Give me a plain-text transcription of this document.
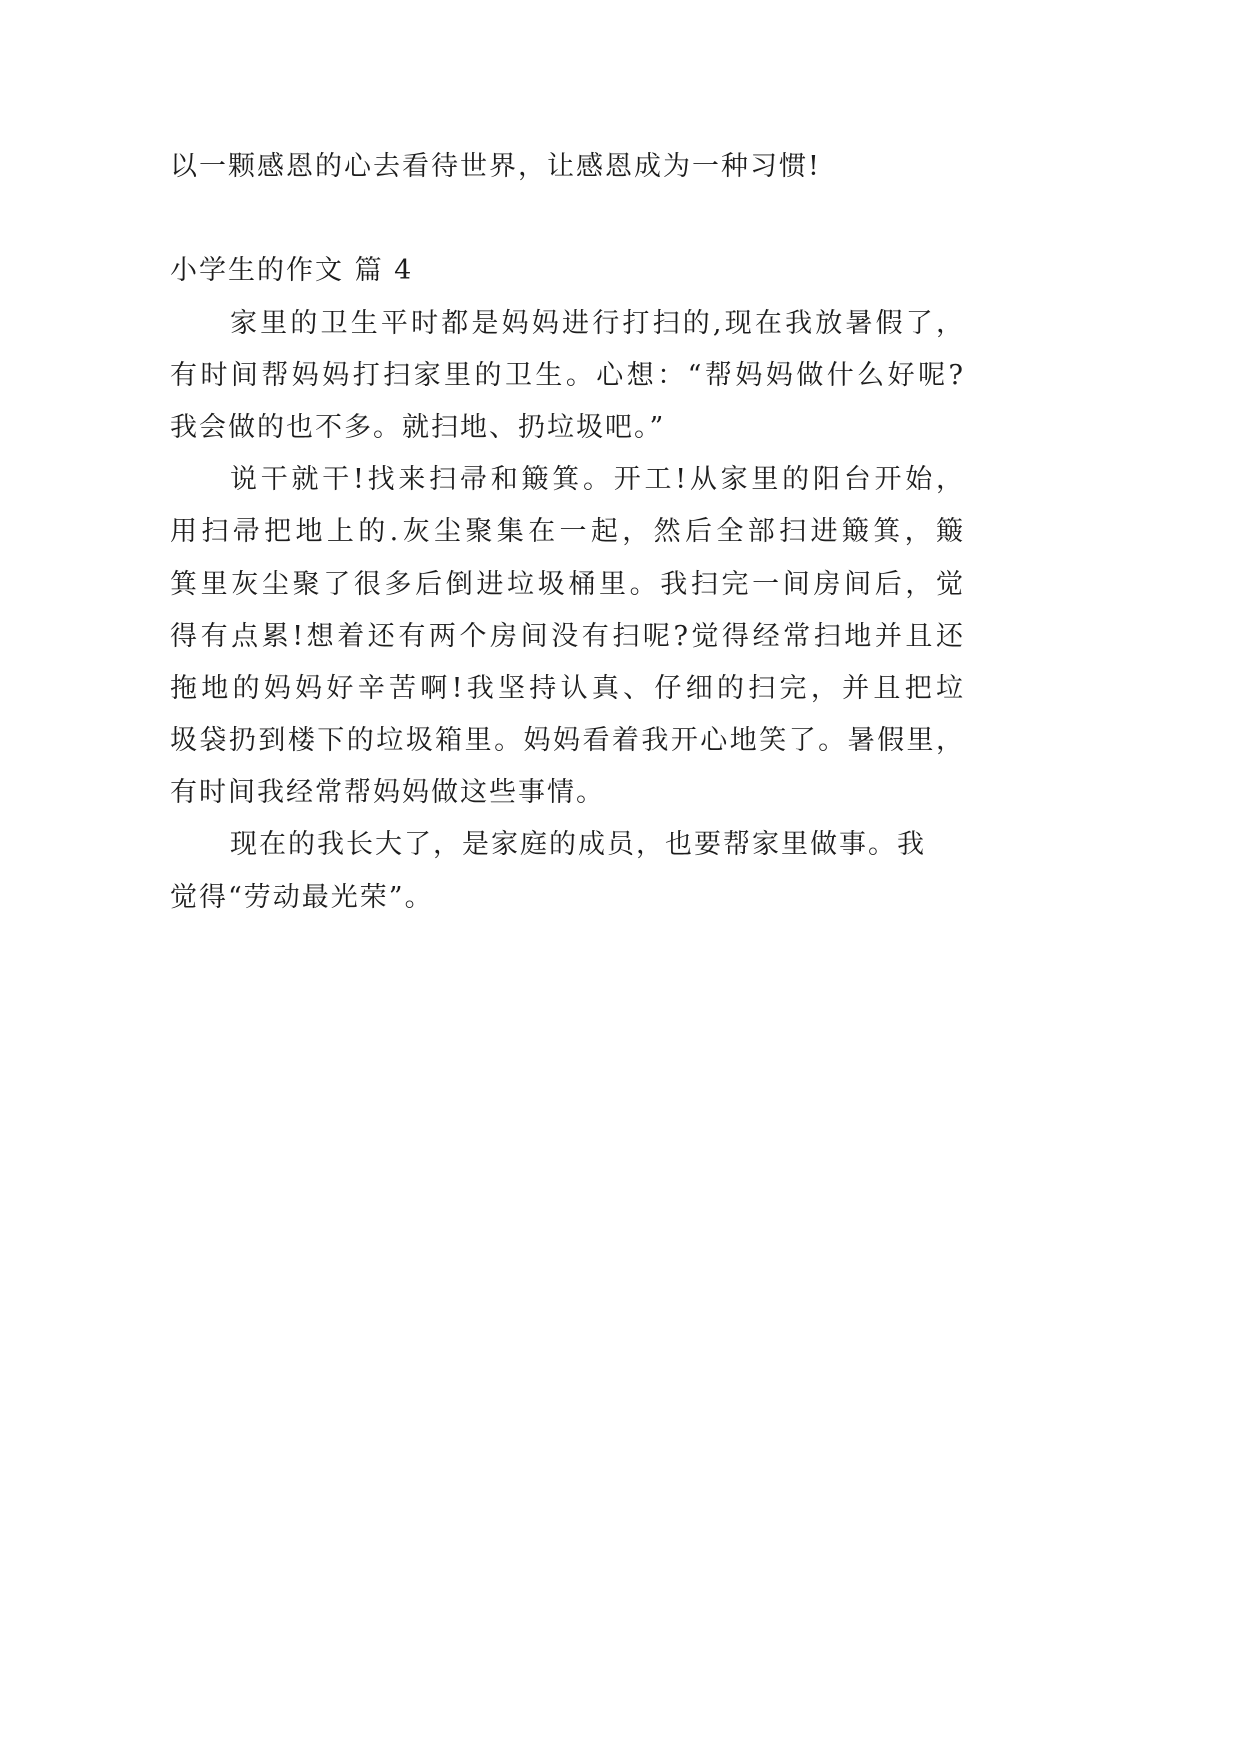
以一颗感恩的心去看待世界，让感恩成为一种习惯!
小学生的作文 篇 4
家里的卫生平时都是妈妈进行打扫的,现在我放暑假了，
有时间帮妈妈打扫家里的卫生。心想：“帮妈妈做什么好呢?
我会做的也不多。就扫地、扔垃圾吧。”
说干就干!找来扫帚和簸箕。开工!从家里的阳台开始，
用扫帚把地上的.灰尘聚集在一起，然后全部扫进簸箕，簸
箕里灰尘聚了很多后倒进垃圾桶里。我扫完一间房间后，觉
得有点累!想着还有两个房间没有扫呢?觉得经常扫地并且还
拖地的妈妈好辛苦啊!我坚持认真、仔细的扫完，并且把垃
圾袋扔到楼下的垃圾箱里。妈妈看着我开心地笑了。暑假里，
有时间我经常帮妈妈做这些事情。
现在的我长大了，是家庭的成员，也要帮家里做事。我
觉得“劳动最光荣”。
